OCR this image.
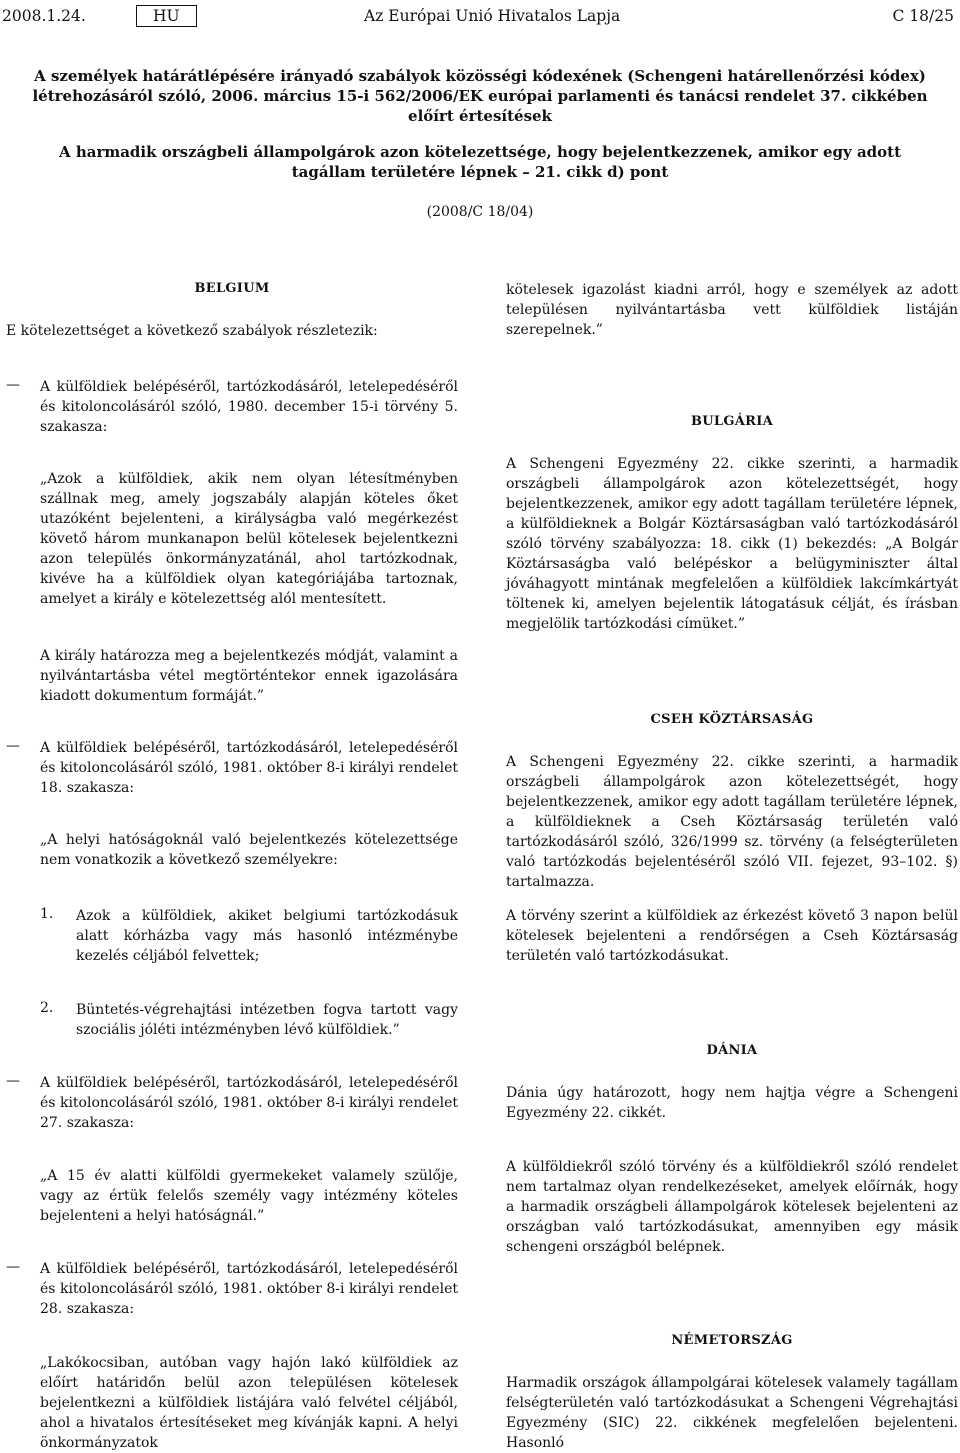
2008.1.24.	HU	Az Európai Unió Hivatalos Lapja	C 18/25
A személyek határátlépésére irányadó szabályok közösségi kódexének (Schengeni határellenőrzési kódex) létrehozásáról szóló, 2006. március 15-i 562/2006/EK európai parlamenti és tanácsi rendelet 37. cikkében előírt értesítések
A harmadik országbeli állampolgárok azon kötelezettsége, hogy bejelentkezzenek, amikor egy adott tagállam területére lépnek – 21. cikk d) pont
(2008/C 18/04)
BELGIUM
E kötelezettséget a következő szabályok részletezik:
—	A külföldiek belépéséről, tartózkodásáról, letelepedéséről és kitoloncolásáról szóló, 1980. december 15-i törvény 5. szakasza:
„Azok a külföldiek, akik nem olyan létesítményben szállnak meg, amely jogszabály alapján köteles őket utazóként bejelenteni, a királyságba való megérkezést követő három munkanapon belül kötelesek bejelentkezni azon település önkormányzatánál, ahol tartózkodnak, kivéve ha a külföldiek olyan kategóriájába tartoznak, amelyet a király e kötelezettség alól mentesített.
A király határozza meg a bejelentkezés módját, valamint a nyilvántartásba vétel megtörténtekor ennek igazolására kiadott dokumentum formáját.”
—	A külföldiek belépéséről, tartózkodásáról, letelepedéséről és kitoloncolásáról szóló, 1981. október 8-i királyi rendelet 18. szakasza:
„A helyi hatóságoknál való bejelentkezés kötelezettsége nem vonatkozik a következő személyekre:
1. Azok a külföldiek, akiket belgiumi tartózkodásuk alatt kórházba vagy más hasonló intézménybe kezelés céljából felvettek;
2. Büntetés-végrehajtási intézetben fogva tartott vagy szociális jóléti intézményben lévő külföldiek.”
—	A külföldiek belépéséről, tartózkodásáról, letelepedéséről és kitoloncolásáról szóló, 1981. október 8-i királyi rendelet 27. szakasza:
„A 15 év alatti külföldi gyermekeket valamely szülője, vagy az értük felelős személy vagy intézmény köteles bejelenteni a helyi hatóságnál.”
—	A külföldiek belépéséről, tartózkodásáról, letelepedéséről és kitoloncolásáról szóló, 1981. október 8-i királyi rendelet 28. szakasza:
„Lakókocsiban, autóban vagy hajón lakó külföldiek az előírt határidőn belül azon településen kötelesek bejelentkezni a külföldiek listájára való felvétel céljából, ahol a hivatalos értesítéseket meg kívánják kapni. A helyi önkormányzatok
kötelesek igazolást kiadni arról, hogy e személyek az adott településen nyilvántartásba vett külföldiek listáján szerepelnek.”
BULGÁRIA
A Schengeni Egyezmény 22. cikke szerinti, a harmadik országbeli állampolgárok azon kötelezettségét, hogy bejelentkezzenek, amikor egy adott tagállam területére lépnek, a külföldieknek a Bolgár Köztársaságban való tartózkodásáról szóló törvény szabályozza: 18. cikk (1) bekezdés: „A Bolgár Köztársaságba való belépéskor a belügyminiszter által jóváhagyott mintának megfelelően a külföldiek lakcímkártyát töltenek ki, amelyen bejelentik látogatásuk célját, és írásban megjelölik tartózkodási címüket.”
CSEH KÖZTÁRSASÁG
A Schengeni Egyezmény 22. cikke szerinti, a harmadik országbeli állampolgárok azon kötelezettségét, hogy bejelentkezzenek, amikor egy adott tagállam területére lépnek, a külföldieknek a Cseh Köztársaság területén való tartózkodásáról szóló, 326/1999 sz. törvény (a felségterületen való tartózkodás bejelentéséről szóló VII. fejezet, 93–102. §) tartalmazza.
A törvény szerint a külföldiek az érkezést követő 3 napon belül kötelesek bejelenteni a rendőrségen a Cseh Köztársaság területén való tartózkodásukat.
DÁNIA
Dánia úgy határozott, hogy nem hajtja végre a Schengeni Egyezmény 22. cikkét.
A külföldiekről szóló törvény és a külföldiekről szóló rendelet nem tartalmaz olyan rendelkezéseket, amelyek előírnák, hogy a harmadik országbeli állampolgárok kötelesek bejelenteni az országban való tartózkodásukat, amennyiben egy másik schengeni országból belépnek.
NÉMETORSZÁG
Harmadik országok állampolgárai kötelesek valamely tagállam felségterületén való tartózkodásukat a Schengeni Végrehajtási Egyezmény (SIC) 22. cikkének megfelelően bejelenteni. Hasonló
